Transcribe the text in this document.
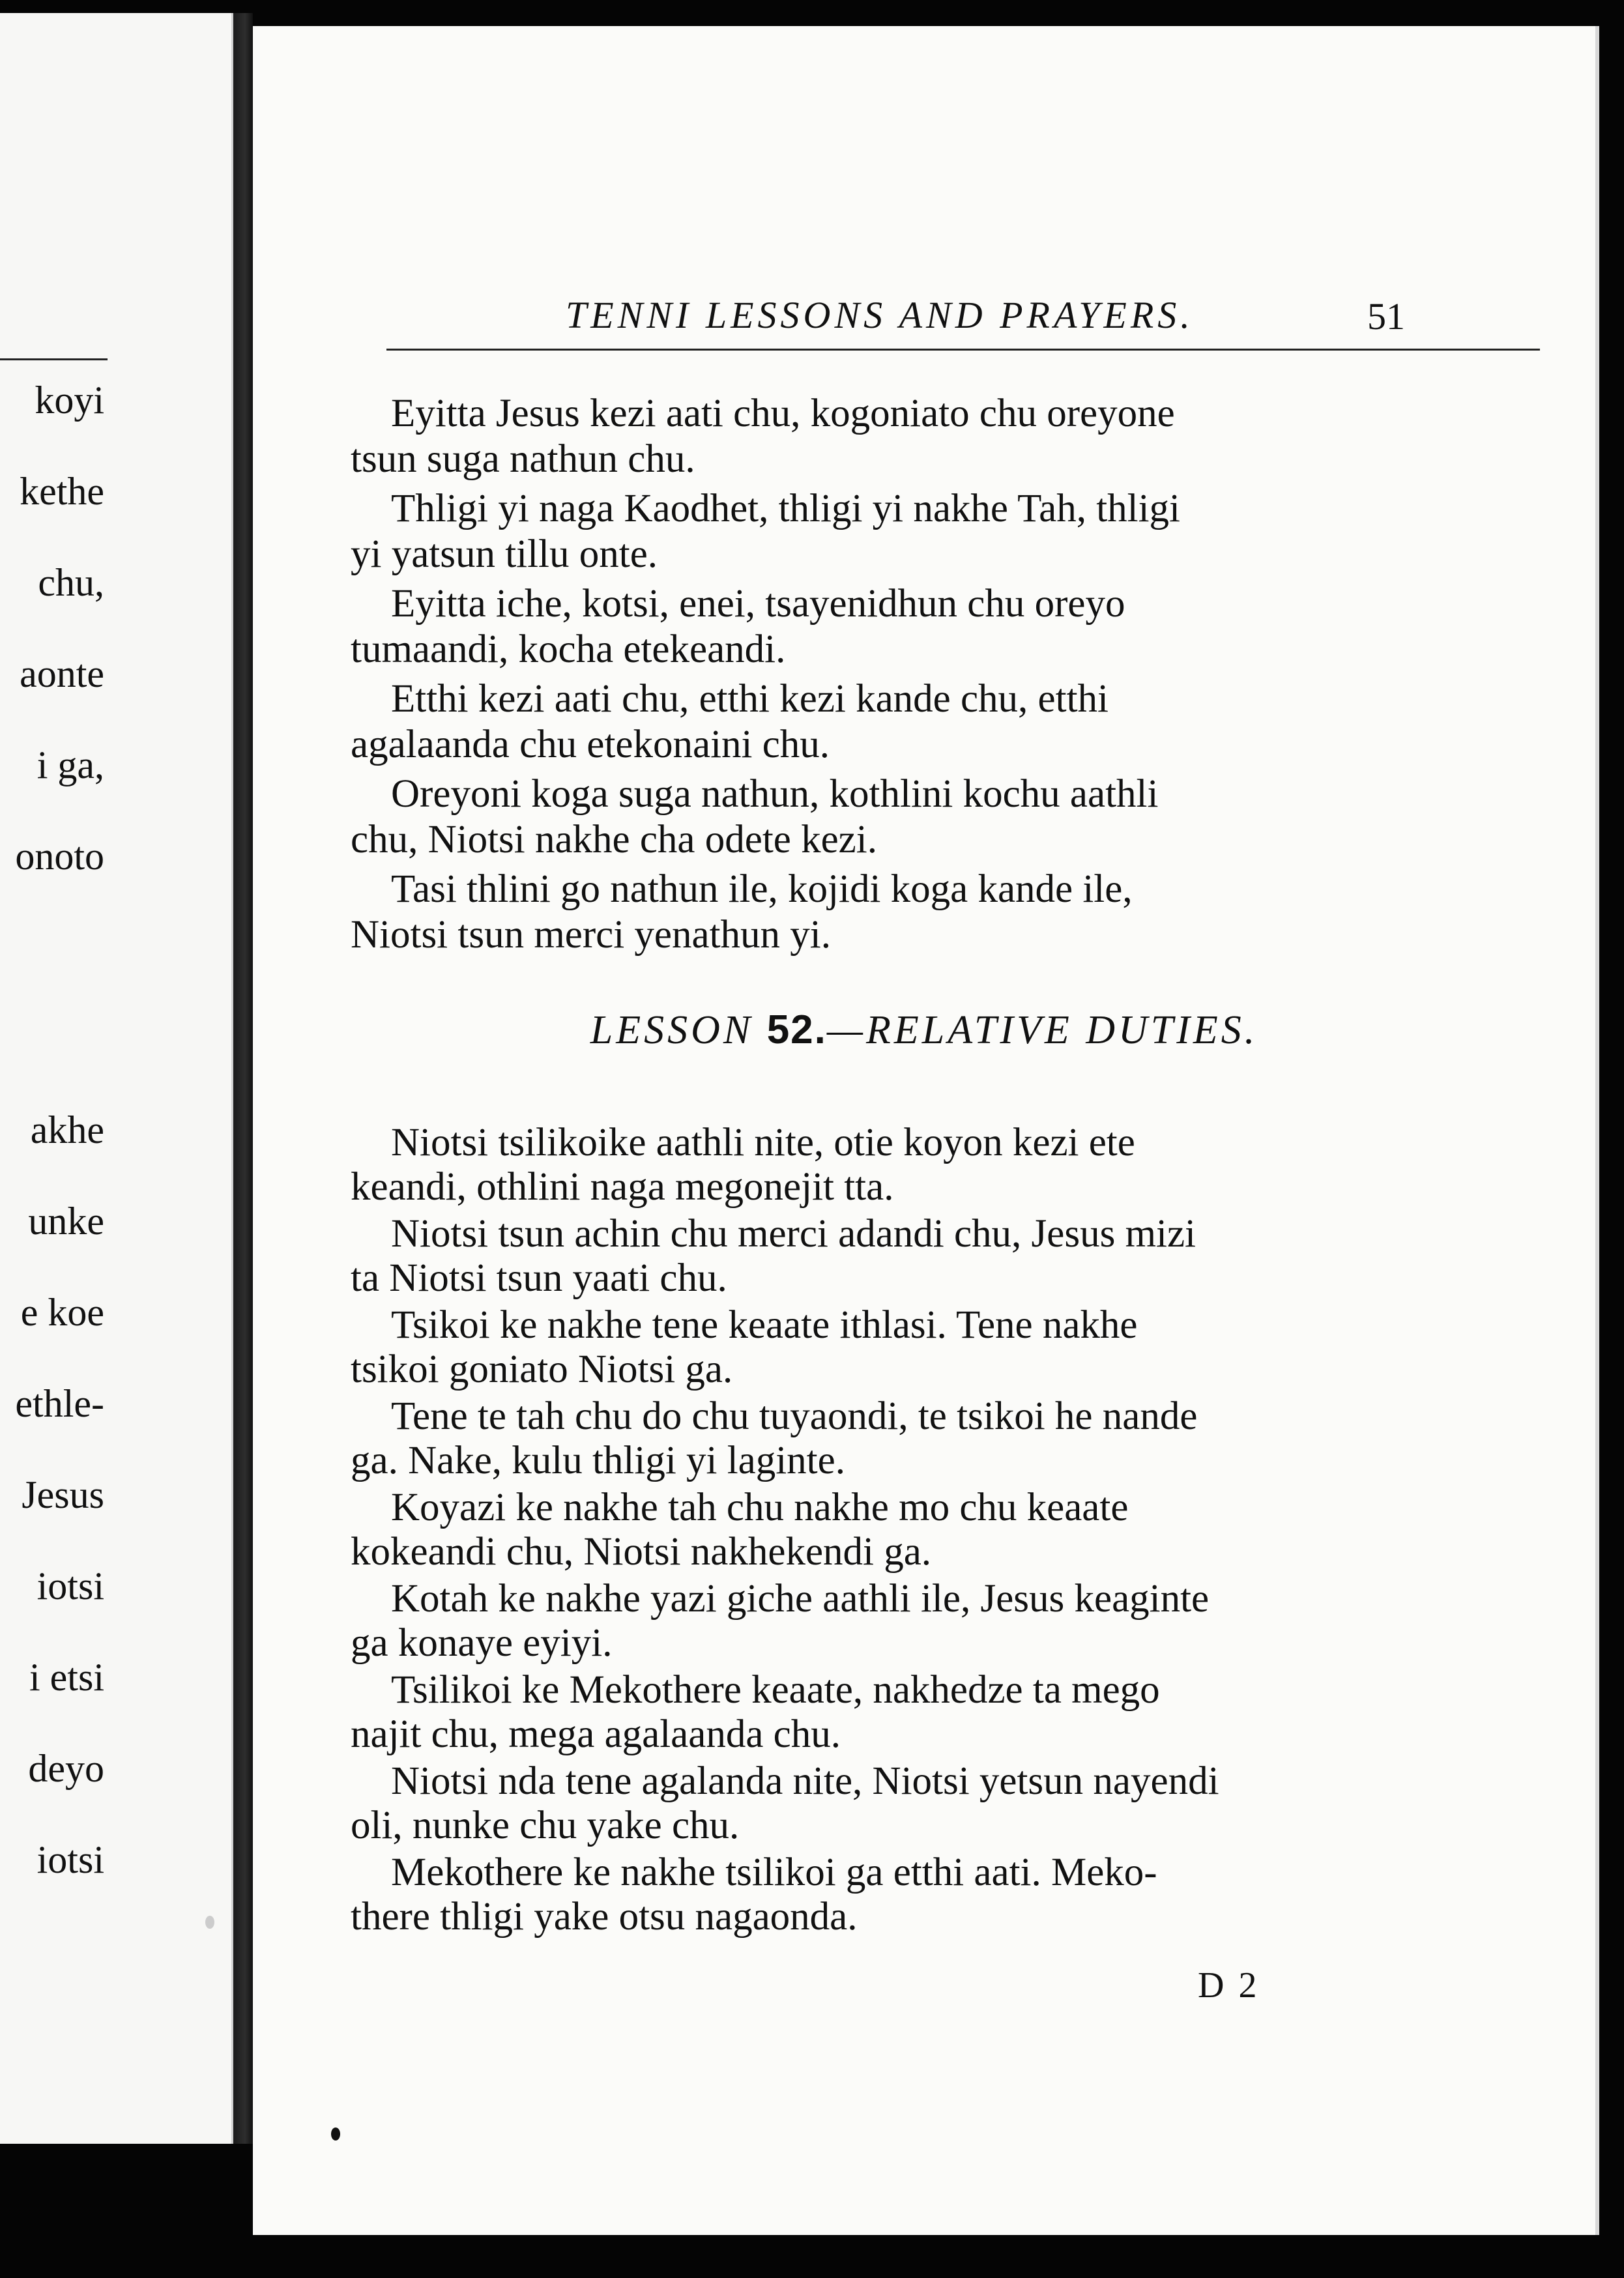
koyi
kethe
chu,
aonte
i ga,
onoto
akhe
unke
e koe
ethle-
Jesus
iotsi
i etsi
deyo
iotsi
TENNI LESSONS AND PRAYERS.	51
Eyitta Jesus kezi aati chu, kogoniato chu oreyone
tsun suga nathun chu.
Thligi yi naga Kaodhet, thligi yi nakhe Tah, thligi
yi yatsun tillu onte.
Eyitta iche, kotsi, enei, tsayenidhun chu oreyo
tumaandi, kocha etekeandi.
Etthi kezi aati chu, etthi kezi kande chu, etthi
agalaanda chu etekonaini chu.
Oreyoni koga suga nathun, kothlini kochu aathli
chu, Niotsi nakhe cha odete kezi.
Tasi thlini go nathun ile, kojidi koga kande ile,
Niotsi tsun merci yenathun yi.
LESSON 52.—RELATIVE DUTIES.
Niotsi tsilikoike aathli nite, otie koyon kezi ete
keandi, othlini naga megonejit tta.
Niotsi tsun achin chu merci adandi chu, Jesus mizi
ta Niotsi tsun yaati chu.
Tsikoi ke nakhe tene keaate ithlasi. Tene nakhe
tsikoi goniato Niotsi ga.
Tene te tah chu do chu tuyaondi, te tsikoi he nande
ga. Nake, kulu thligi yi laginte.
Koyazi ke nakhe tah chu nakhe mo chu keaate
kokeandi chu, Niotsi nakhekendi ga.
Kotah ke nakhe yazi giche aathli ile, Jesus keaginte
ga konaye eyiyi.
Tsilikoi ke Mekothere keaate, nakhedze ta mego
najit chu, mega agalaanda chu.
Niotsi nda tene agalanda nite, Niotsi yetsun nayendi
oli, nunke chu yake chu.
Mekothere ke nakhe tsilikoi ga etthi aati. Meko-
there thligi yake otsu nagaonda.
D 2
